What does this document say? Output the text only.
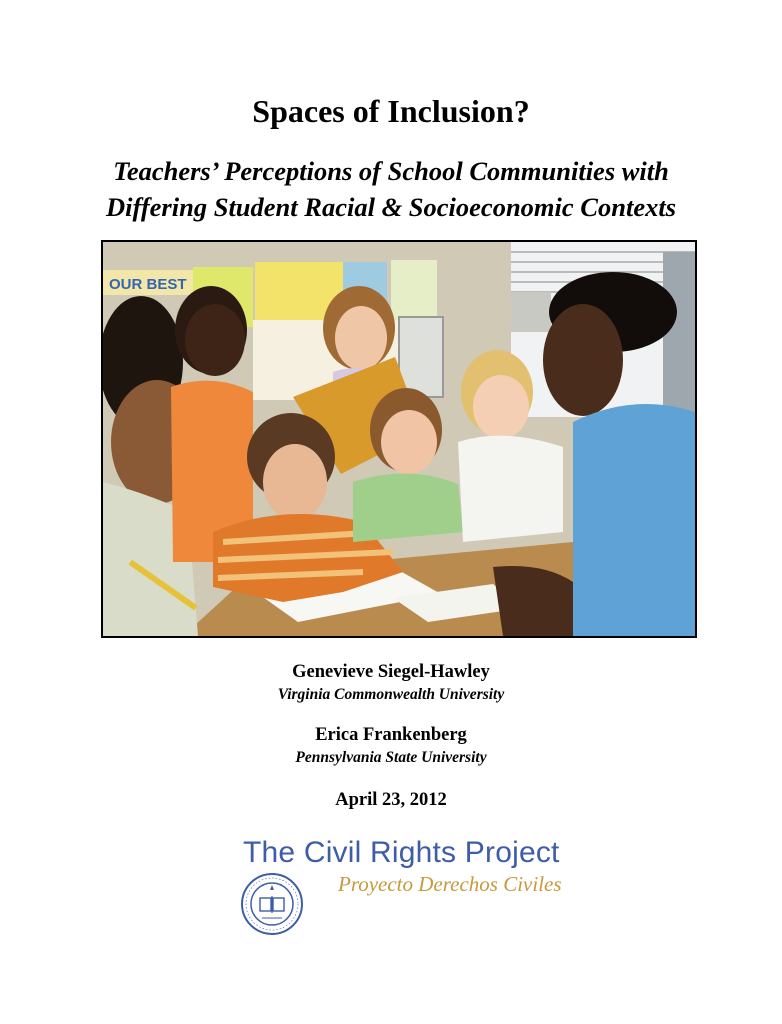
Spaces of Inclusion?
Teachers’ Perceptions of School Communities with
Differing Student Racial & Socioeconomic Contexts
OUR BEST
Genevieve Siegel-Hawley
Virginia Commonwealth University
Erica Frankenberg
Pennsylvania State University
April 23, 2012
The Civil Rights Project
Proyecto Derechos Civiles
